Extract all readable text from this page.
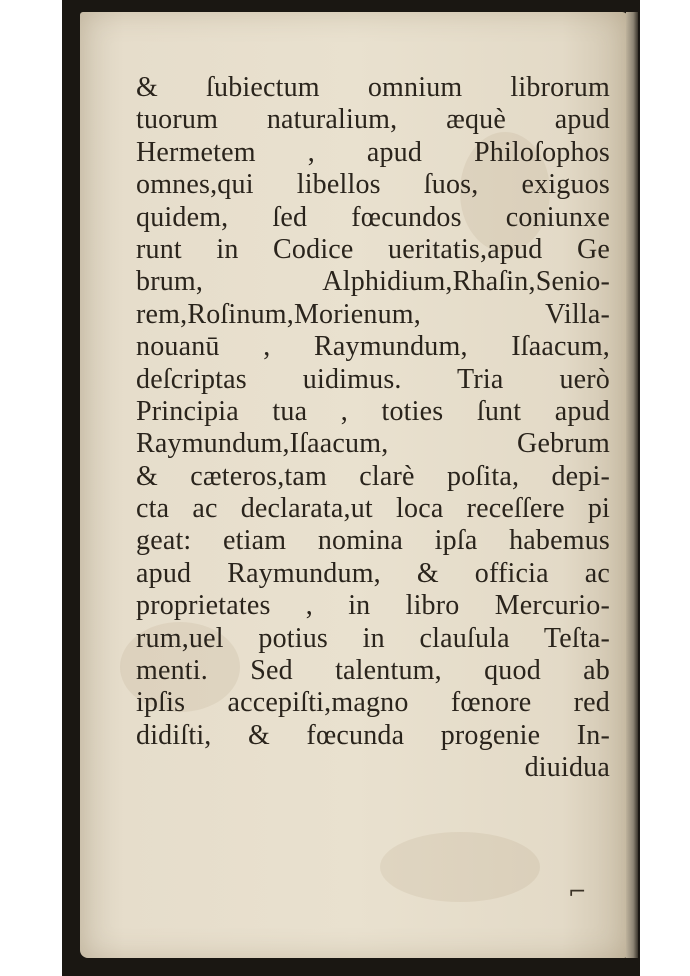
⌐
& ſubiectum omnium librorum
tuorum naturalium, æquè apud
Hermetem , apud Philoſophos
omnes,qui libellos ſuos, exiguos
quidem, ſed fœcundos coniunxe
runt in Codice ueritatis,apud Ge
brum, Alphidium,Rhaſin,Senio-
rem,Roſinum,Morienum, Villa-
nouanū , Raymundum, Iſaacum,
deſcriptas uidimus. Tria uerò
Principia tua , toties ſunt apud
Raymundum,Iſaacum, Gebrum
& cæteros,tam clarè poſita, depi-
cta ac declarata,ut loca receſſere pi
geat: etiam nomina ipſa habemus
apud Raymundum, & officia ac
proprietates , in libro Mercurio-
rum,uel potius in clauſula Teſta-
menti. Sed talentum, quod ab
ipſis accepiſti,magno fœnore red
didiſti, & fœcunda progenie In-
diuidua
